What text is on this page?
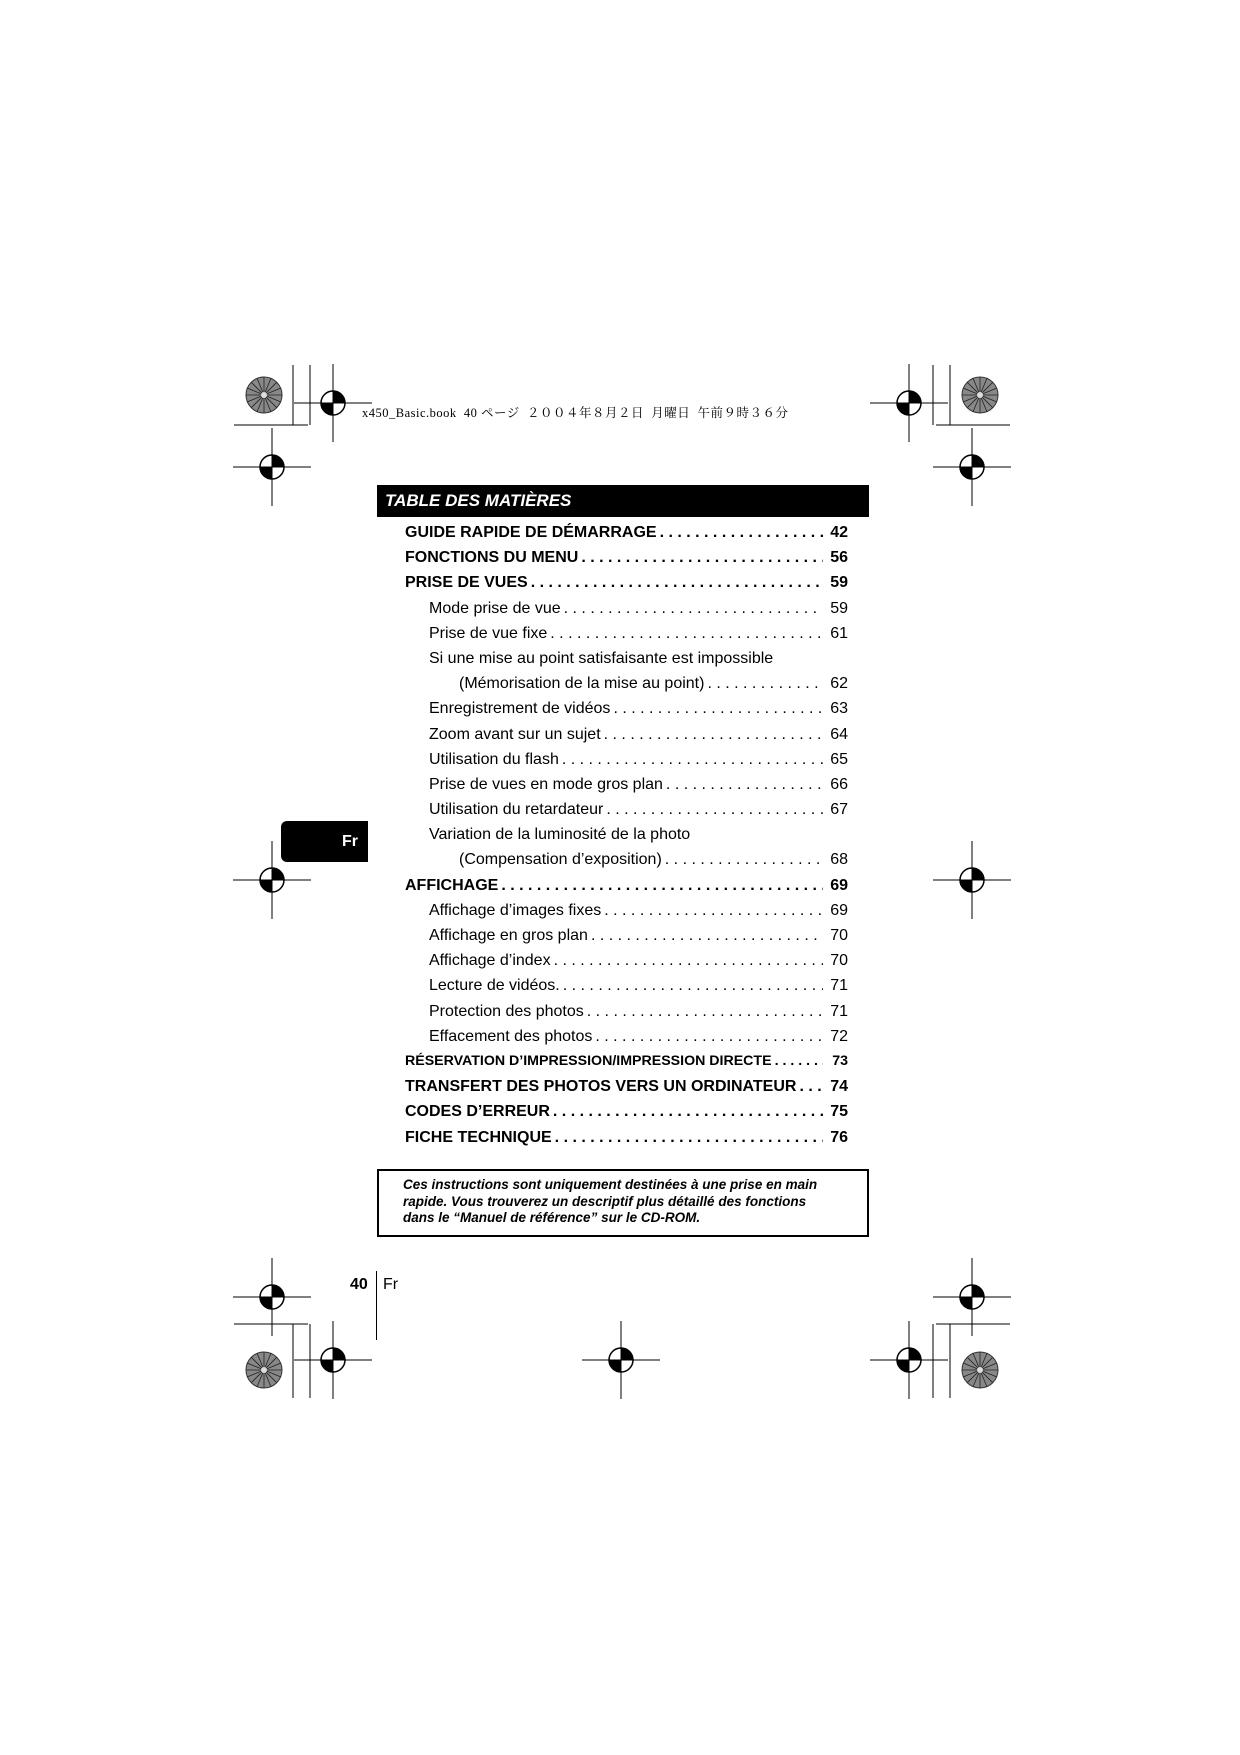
x450_Basic.book  40 ページ  ２００４年８月２日  月曜日  午前９時３６分
TABLE DES MATIÈRES
GUIDE RAPIDE DE DÉMARRAGE . . .	42
FONCTIONS DU MENU . . .	56
PRISE DE VUES . . .	59
Mode prise de vue . . .	59
Prise de vue fixe . . .	61
Si une mise au point satisfaisante est impossible
(Mémorisation de la mise au point) . . .	62
Enregistrement de vidéos . . .	63
Zoom avant sur un sujet . . .	64
Utilisation du flash . . .	65
Prise de vues en mode gros plan . . .	66
Utilisation du retardateur . . .	67
Variation de la luminosité de la photo
(Compensation d’exposition) . . .	68
AFFICHAGE . . .	69
Affichage d’images fixes . . .	69
Affichage en gros plan . . .	70
Affichage d’index . . .	70
Lecture de vidéos. . . .	71
Protection des photos . . .	71
Effacement des photos . . .	72
RÉSERVATION D’IMPRESSION/IMPRESSION DIRECTE . . .	73
TRANSFERT DES PHOTOS VERS UN ORDINATEUR . . . 74
CODES D’ERREUR . . .	75
FICHE TECHNIQUE . . .	76
Fr
Ces instructions sont uniquement destinées à une prise en main
rapide. Vous trouverez un descriptif plus détaillé des fonctions
dans le “Manuel de référence” sur le CD-ROM.
40 Fr
